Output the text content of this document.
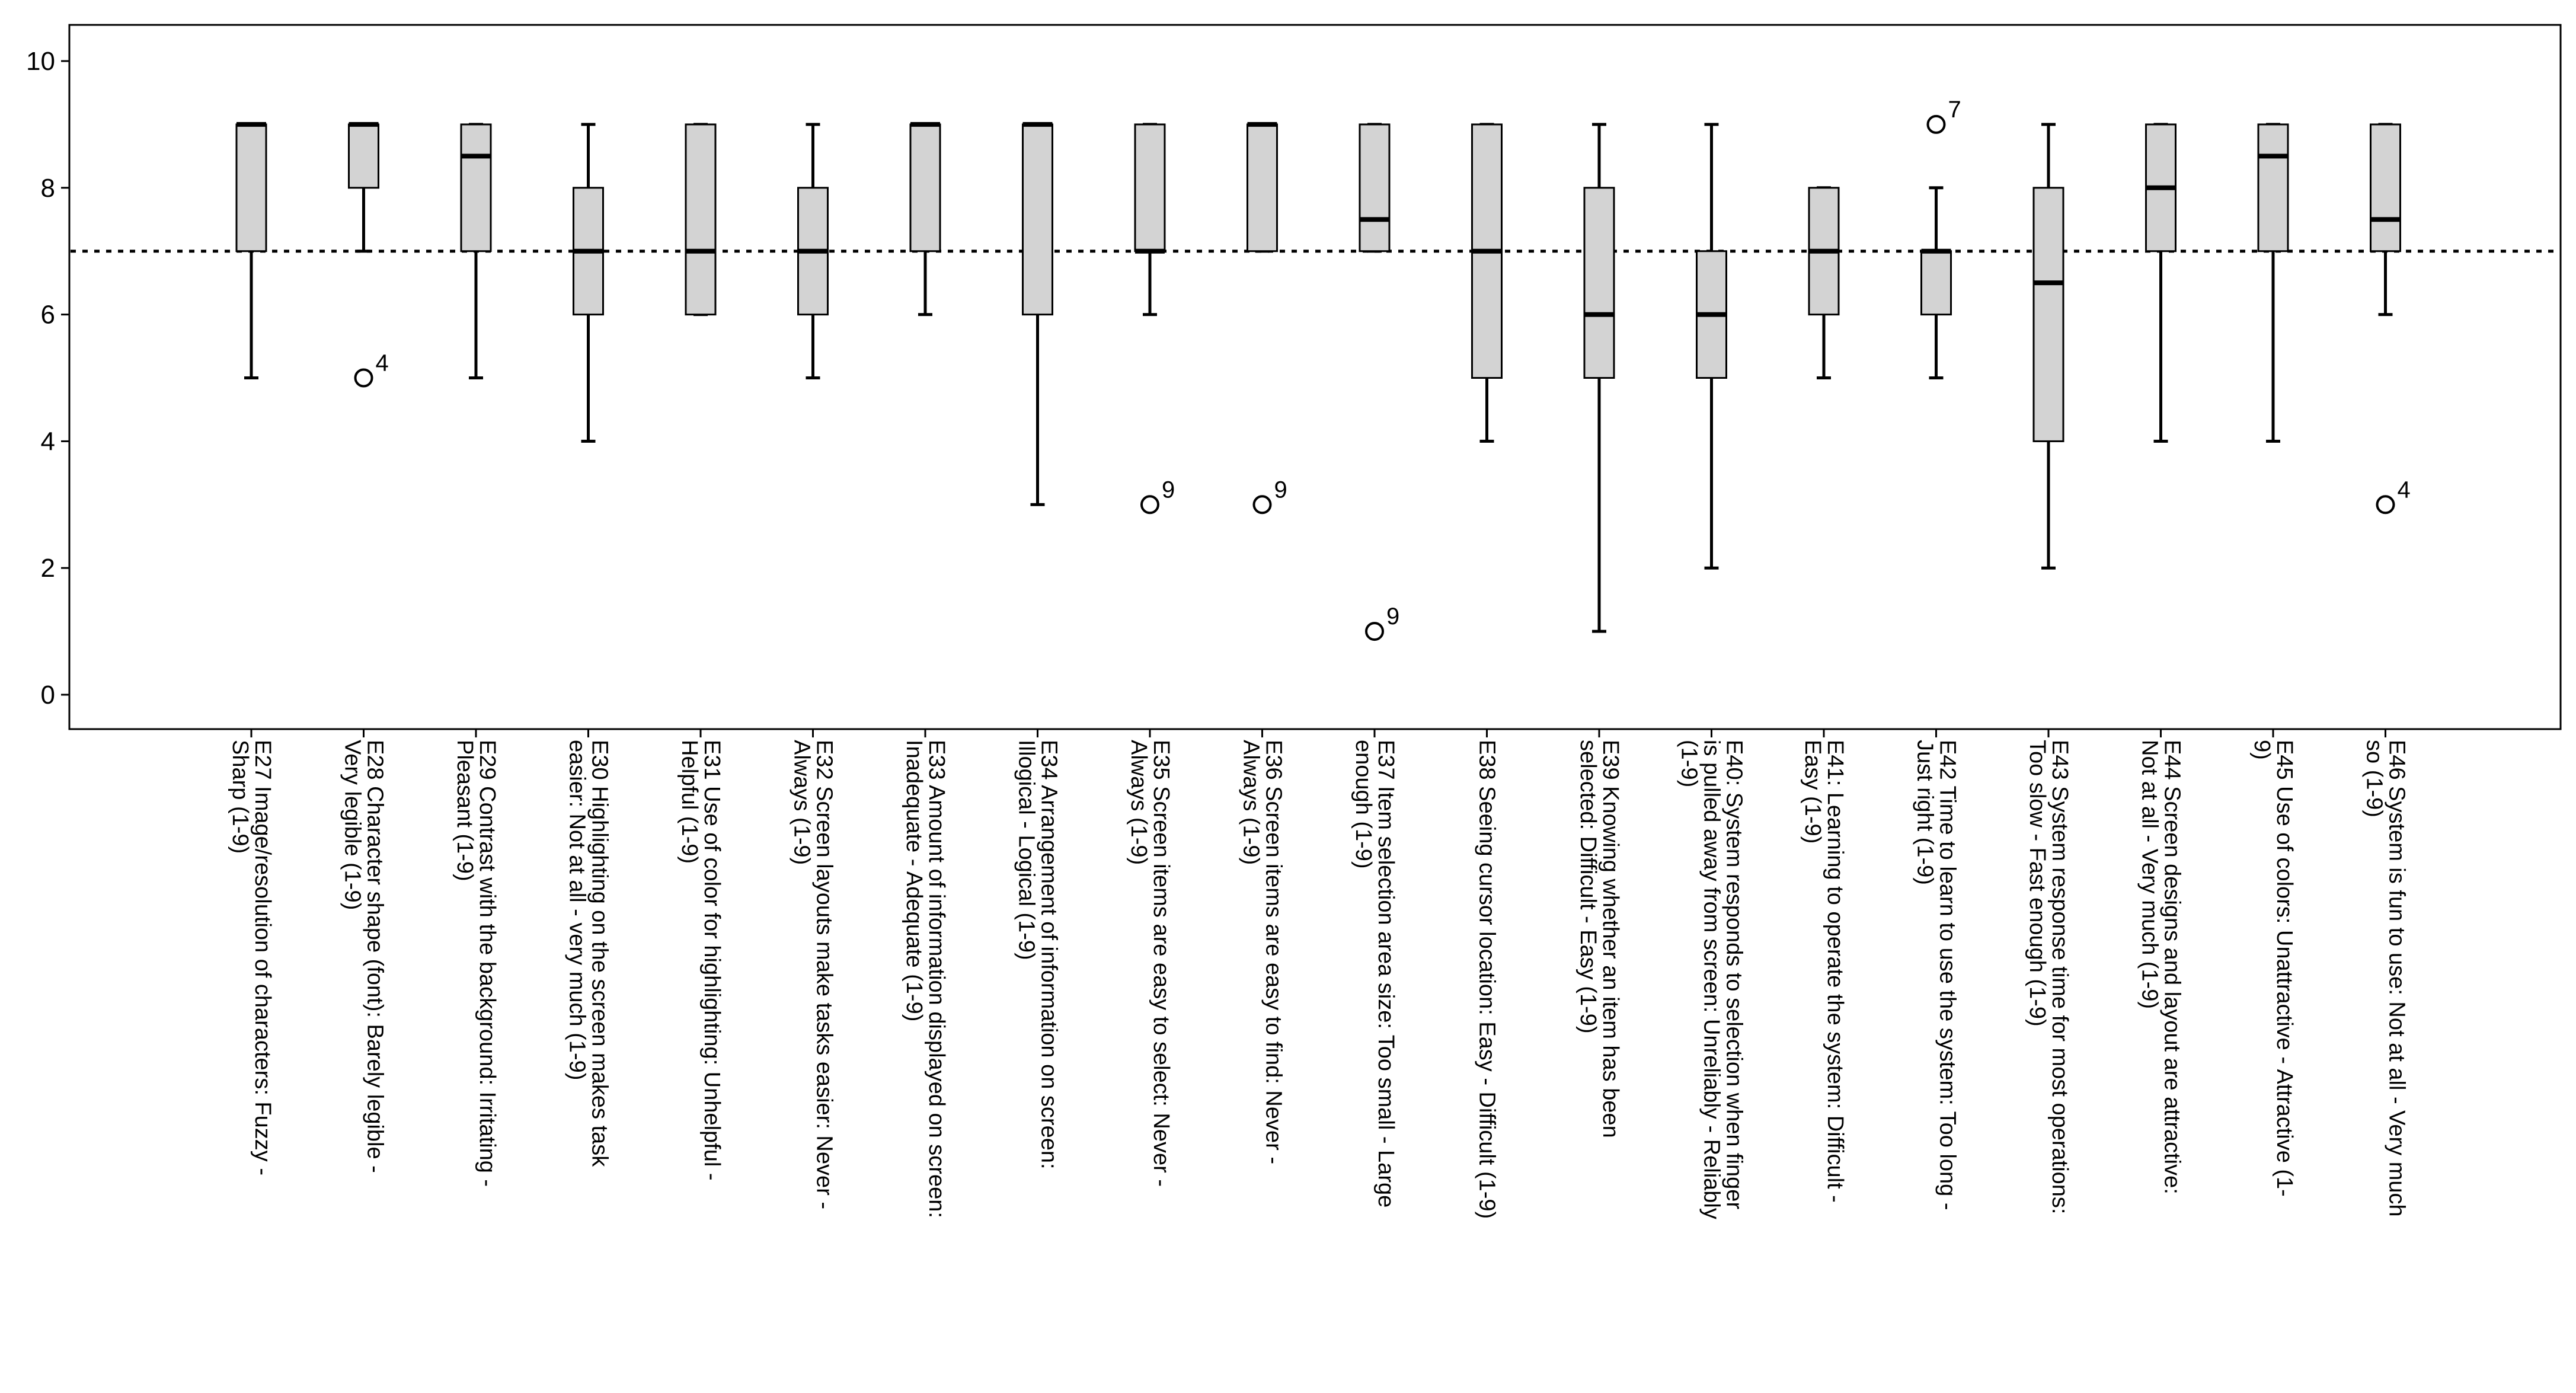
0
2
4
6
8
10
E27 Image/resolution of characters: Fuzzy -Sharp (1-9)
4
E28 Character shape (font): Barely legible -Very legible (1-9)	E29 Contrast with the background: Irritating -Pleasant (1-9)	E30 Highlighting on the screen makes taskeasier: Not at all - very much (1-9)	E31 Use of color for highlighting: Unhelpful -Helpful (1-9)	E32 Screen layouts make tasks easier: Never -Always (1-9)	E33 Amount of information displayed on screen:Inadequate - Adequate (1-9)	E34 Arrangement of information on screen:Illogical - Logical (1-9)
9
E35 Screen items are easy to select: Never -Always (1-9)
9
E36 Screen items are easy to find: Never -Always (1-9)
9
E37 Item selection area size: Too small - Largeenough (1-9)	E38 Seeing cursor location: Easy - Difficult (1-9)	E39 Knowing whether an item has beenselected: Difficult - Easy (1-9)	E40: System responds to selection when fingeris pulled away from screen: Unreliably - Reliably(1-9)	E41: Learning to operate the system: Difficult -Easy (1-9)
7
E42 Time to learn to use the system: Too long -Just right (1-9)	E43 System response time for most operations:Too slow - Fast enough (1-9)	E44 Screen designs and layout are attractive:Not at all - Very much (1-9)	E45 Use of colors: Unattractive - Attractive (1-9)
4
E46 System is fun to use: Not at all - Very muchso (1-9)
